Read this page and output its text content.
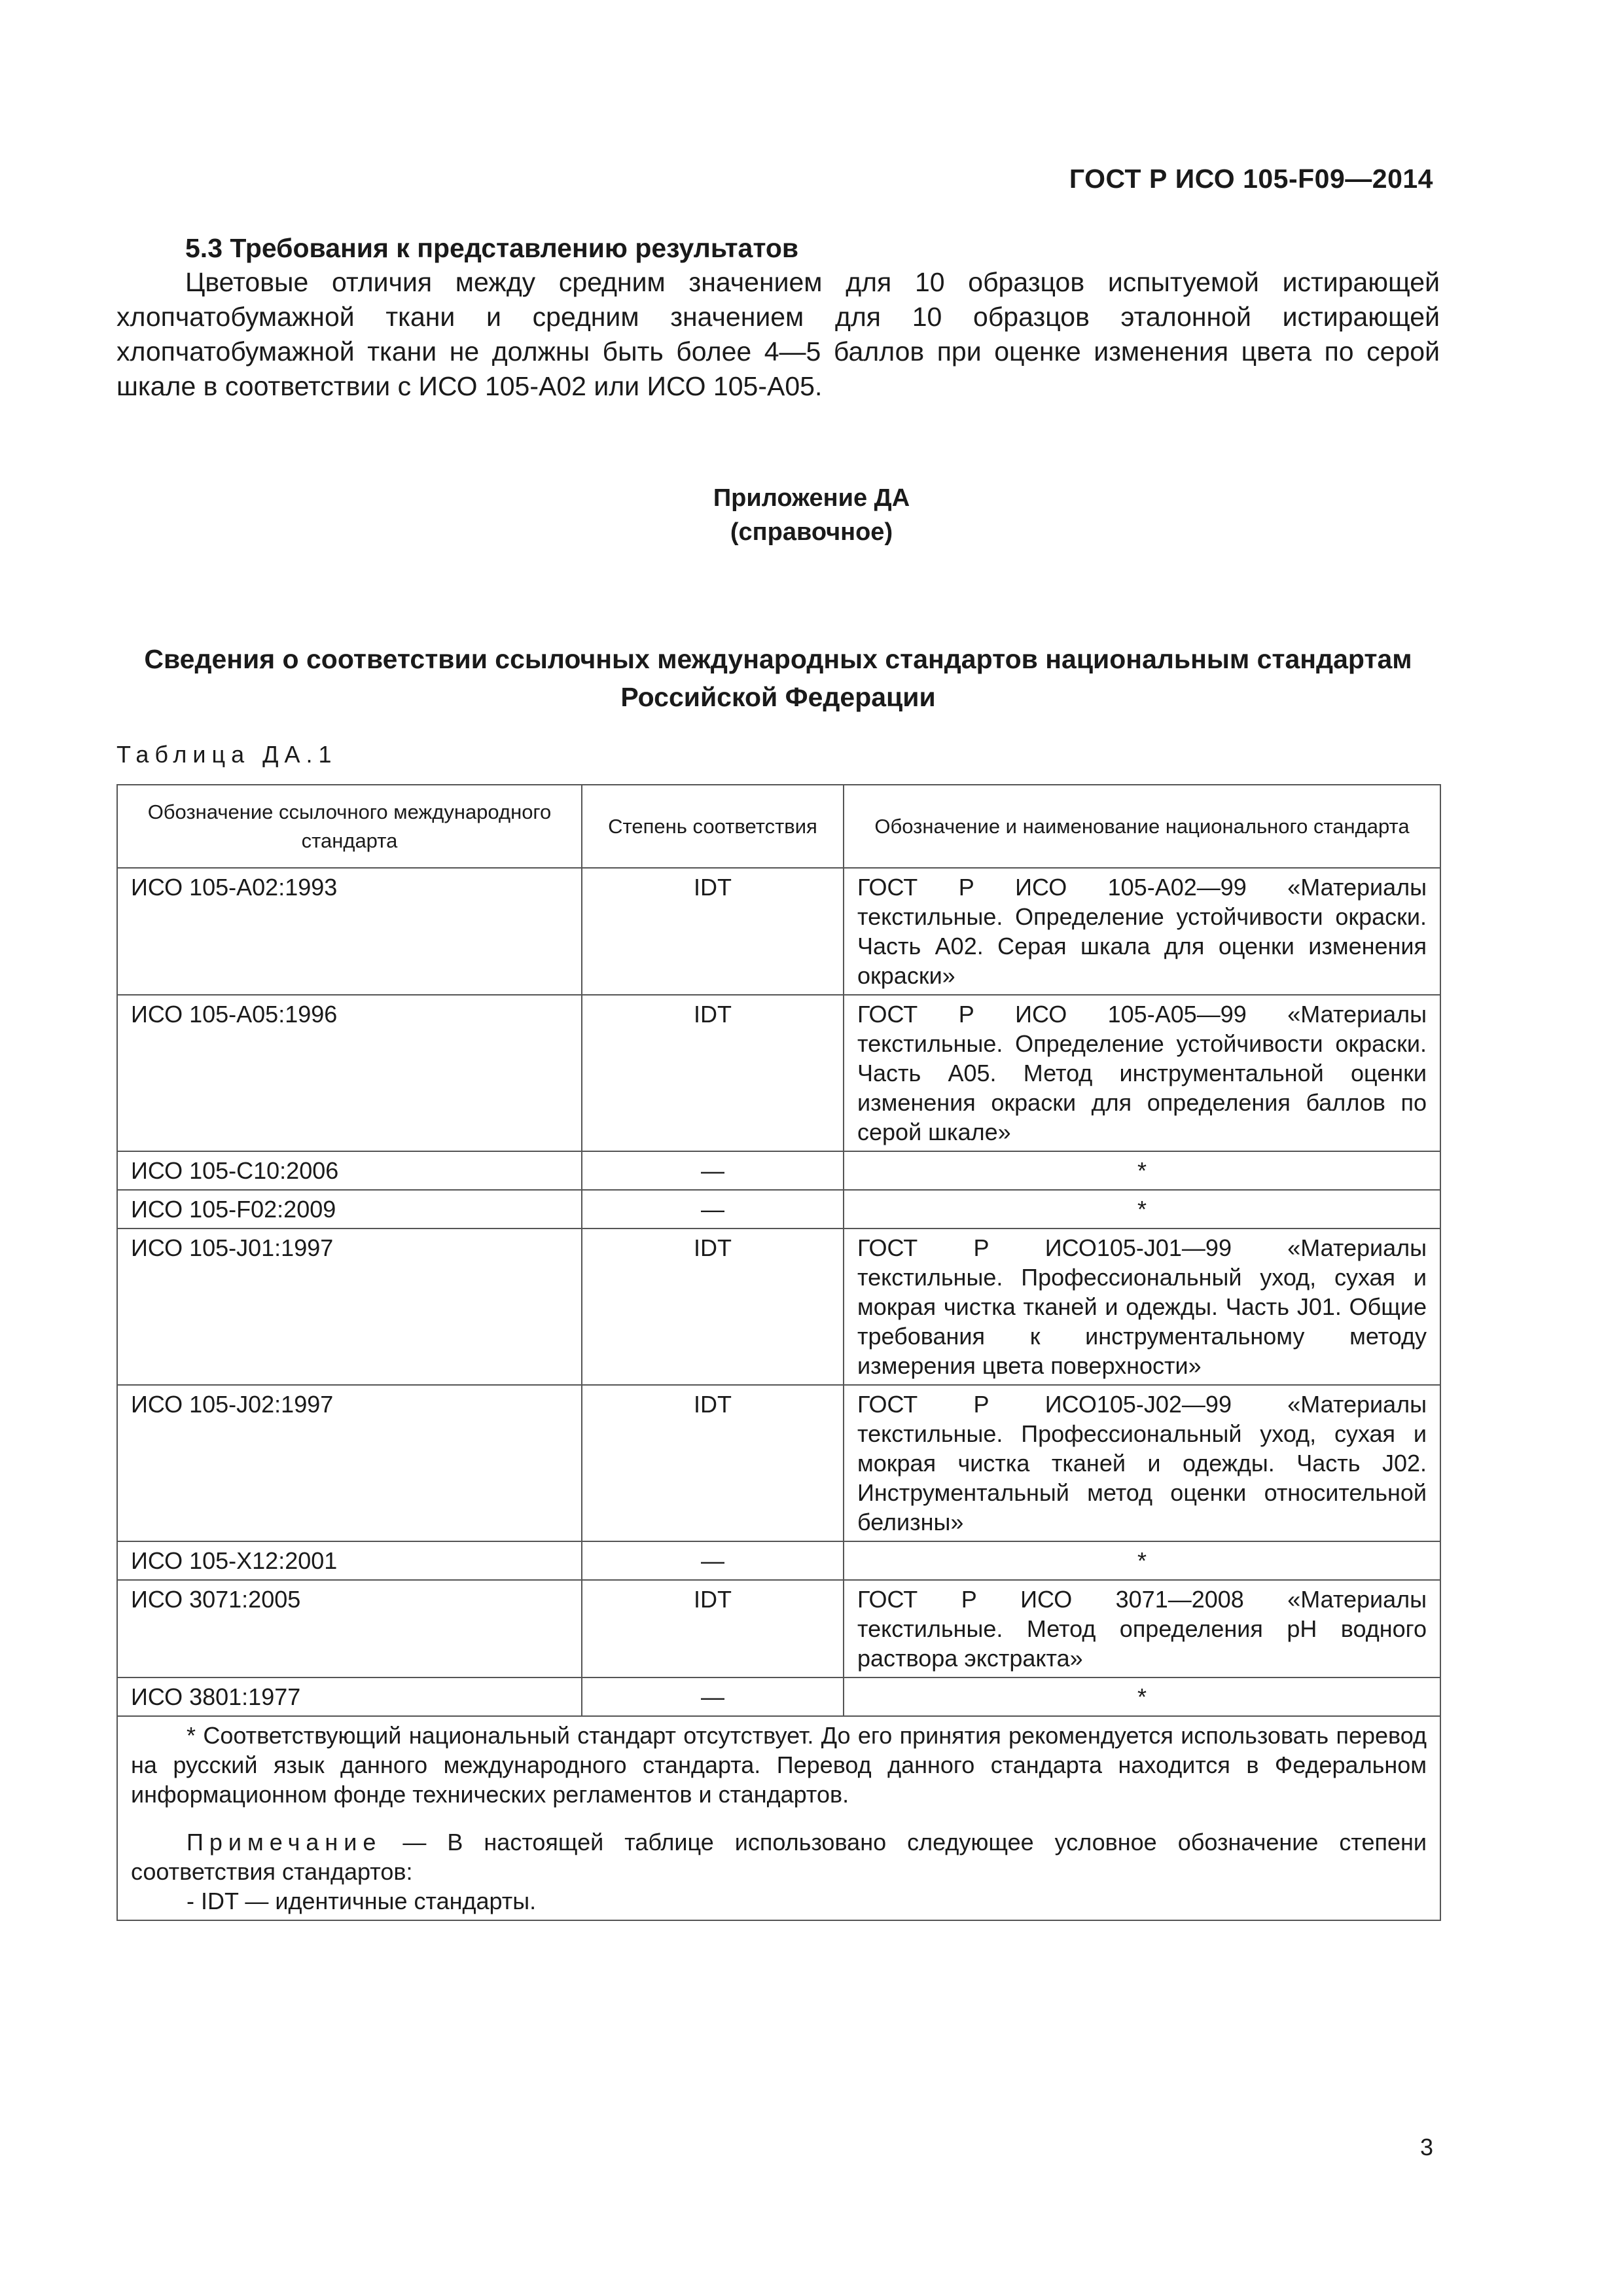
ГОСТ Р ИСО 105-F09—2014
5.3 Требования к представлению результатов

Цветовые отличия между средним значением для 10 образцов испытуемой истирающей хлопчатобумажной ткани и средним значением для 10 образцов эталонной истирающей хлопчатобумажной ткани не должны быть более 4—5 баллов при оценке изменения цвета по серой шкале в соответствии с ИСО 105-А02 или ИСО 105-А05.

Приложение ДА
(справочное)
Сведения о соответствии ссылочных международных стандартов национальным стандартам
Российской Федерации
Таблица ДА.1
Обозначение ссылочного международного стандарта	Степень соответствия	Обозначение и наименование национального стандарта
ИСО 105-А02:1993	IDT	ГОСТ Р ИСО 105-А02—99 «Материалы текстильные. Определение устойчивости окраски. Часть А02. Серая шкала для оценки изменения окраски»
ИСО 105-А05:1996	IDT	ГОСТ Р ИСО 105-А05—99 «Материалы текстильные. Определение устойчивости окраски. Часть А05. Метод инструментальной оценки изменения окраски для определения баллов по серой шкале»
ИСО 105-С10:2006	—	*
ИСО 105-F02:2009	—	*
ИСО 105-J01:1997	IDT	ГОСТ Р ИСО105-J01—99 «Материалы текстильные. Профессиональный уход, сухая и мокрая чистка тканей и одежды. Часть J01. Общие требования к инструментальному методу измерения цвета поверхности»
ИСО 105-J02:1997	IDT	ГОСТ Р ИСО105-J02—99 «Материалы текстильные. Профессиональный уход, сухая и мокрая чистка тканей и одежды. Часть J02. Инструментальный метод оценки относительной белизны»
ИСО 105-Х12:2001	—	*
ИСО 3071:2005	IDT	ГОСТ Р ИСО 3071—2008 «Материалы текстильные. Метод определения рН водного раствора экстракта»
ИСО 3801:1977	—	*

* Соответствующий национальный стандарт отсутствует. До его принятия рекомендуется использовать перевод на русский язык данного международного стандарта. Перевод данного стандарта находится в Федеральном информационном фонде технических регламентов и стандартов.

Примечание — В настоящей таблице использовано следующее условное обозначение степени соответствия стандартов:

- IDT — идентичные стандарты.		
3
